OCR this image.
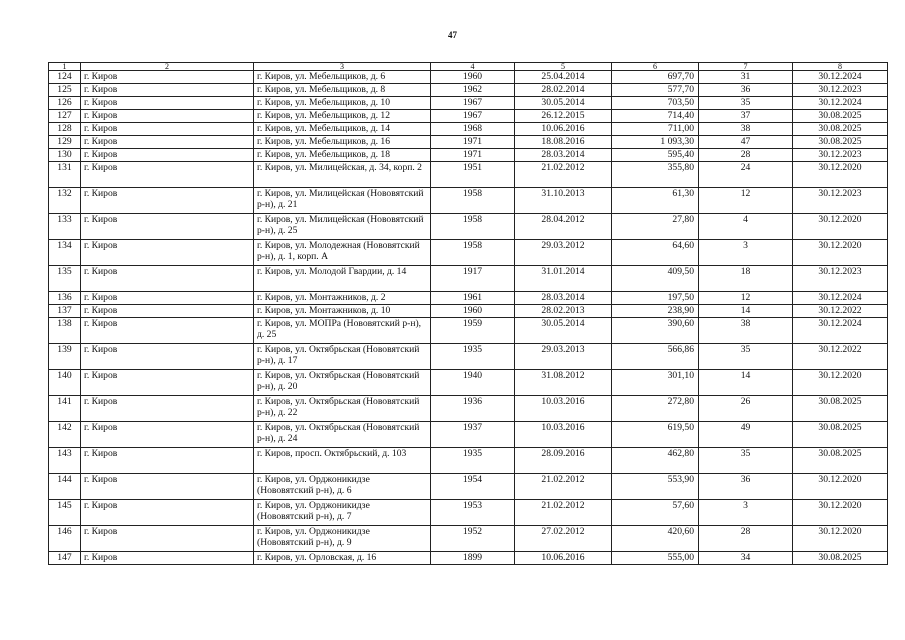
47
1	2	3	4	5	6	7	8
124	г. Киров	г. Киров, ул. Мебельщиков, д. 6	1960	25.04.2014	697,70	31	30.12.2024
125	г. Киров	г. Киров, ул. Мебельщиков, д. 8	1962	28.02.2014	577,70	36	30.12.2023
126	г. Киров	г. Киров, ул. Мебельщиков, д. 10	1967	30.05.2014	703,50	35	30.12.2024
127	г. Киров	г. Киров, ул. Мебельщиков, д. 12	1967	26.12.2015	714,40	37	30.08.2025
128	г. Киров	г. Киров, ул. Мебельщиков, д. 14	1968	10.06.2016	711,00	38	30.08.2025
129	г. Киров	г. Киров, ул. Мебельщиков, д. 16	1971	18.08.2016	1 093,30	47	30.08.2025
130	г. Киров	г. Киров, ул. Мебельщиков, д. 18	1971	28.03.2014	595,40	28	30.12.2023
131	г. Киров	г. Киров, ул. Милицейская, д. 34, корп. 2	1951	21.02.2012	355,80	24	30.12.2020
132	г. Киров	г. Киров, ул. Милицейская (Нововятский р-н), д. 21	1958	31.10.2013	61,30	12	30.12.2023
133	г. Киров	г. Киров, ул. Милицейская (Нововятский р-н), д. 25	1958	28.04.2012	27,80	4	30.12.2020
134	г. Киров	г. Киров, ул. Молодежная (Нововятский р-н), д. 1, корп. А	1958	29.03.2012	64,60	3	30.12.2020
135	г. Киров	г. Киров, ул. Молодой Гвардии, д. 14	1917	31.01.2014	409,50	18	30.12.2023
136	г. Киров	г. Киров, ул. Монтажников, д. 2	1961	28.03.2014	197,50	12	30.12.2024
137	г. Киров	г. Киров, ул. Монтажников, д. 10	1960	28.02.2013	238,90	14	30.12.2022
138	г. Киров	г. Киров, ул. МОПРа (Нововятский р-н), д. 25	1959	30.05.2014	390,60	38	30.12.2024
139	г. Киров	г. Киров, ул. Октябрьская (Нововятский р-н), д. 17	1935	29.03.2013	566,86	35	30.12.2022
140	г. Киров	г. Киров, ул. Октябрьская (Нововятский р-н), д. 20	1940	31.08.2012	301,10	14	30.12.2020
141	г. Киров	г. Киров, ул. Октябрьская (Нововятский р-н), д. 22	1936	10.03.2016	272,80	26	30.08.2025
142	г. Киров	г. Киров, ул. Октябрьская (Нововятский р-н), д. 24	1937	10.03.2016	619,50	49	30.08.2025
143	г. Киров	г. Киров, просп. Октябрьский, д. 103	1935	28.09.2016	462,80	35	30.08.2025
144	г. Киров	г. Киров, ул. Орджоникидзе (Нововятский р-н), д. 6	1954	21.02.2012	553,90	36	30.12.2020
145	г. Киров	г. Киров, ул. Орджоникидзе (Нововятский р-н), д. 7	1953	21.02.2012	57,60	3	30.12.2020
146	г. Киров	г. Киров, ул. Орджоникидзе (Нововятский р-н), д. 9	1952	27.02.2012	420,60	28	30.12.2020
147	г. Киров	г. Киров, ул. Орловская, д. 16	1899	10.06.2016	555,00	34	30.08.2025
